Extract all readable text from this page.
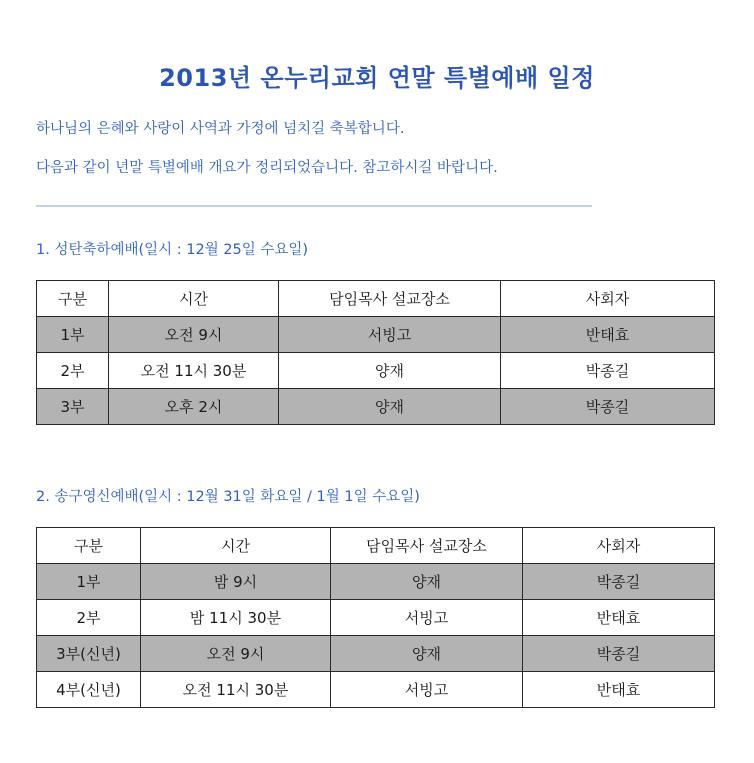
2013년 온누리교회 연말 특별예배 일정
하나님의 은혜와 사랑이 사역과 가정에 넘치길 축복합니다.
다음과 같이 년말 특별예배 개요가 정리되었습니다. 참고하시길 바랍니다.
1. 성탄축하예배(일시 : 12월 25일 수요일)
구분	시간	담임목사 설교장소	사회자
1부	오전 9시	서빙고	반태효
2부	오전 11시 30분	양재	박종길
3부	오후 2시	양재	박종길
2. 송구영신예배(일시 : 12월 31일 화요일 / 1월 1일 수요일)
구분	시간	담임목사 설교장소	사회자
1부	밤 9시	양재	박종길
2부	밤 11시 30분	서빙고	반태효
3부(신년)	오전 9시	양재	박종길
4부(신년)	오전 11시 30분	서빙고	반태효
